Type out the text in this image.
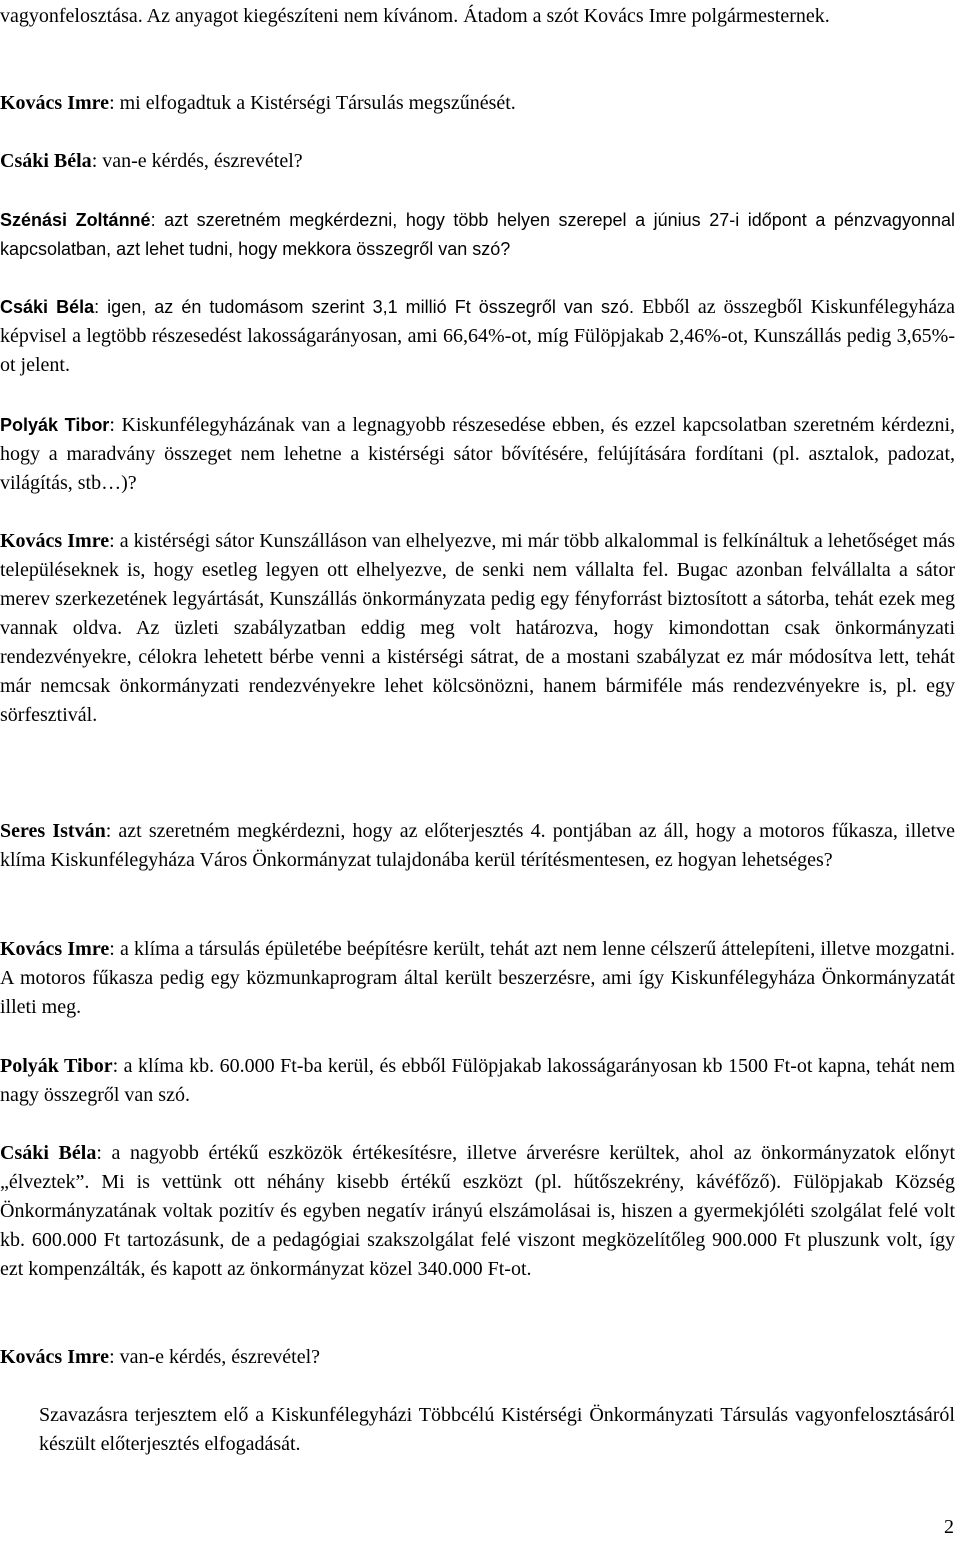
vagyonfelosztása. Az anyagot kiegészíteni nem kívánom. Átadom a szót Kovács Imre polgármesternek.

Kovács Imre: mi elfogadtuk a Kistérségi Társulás megszűnését.

Csáki Béla: van-e kérdés, észrevétel?

Szénási Zoltánné: azt szeretném megkérdezni, hogy több helyen szerepel a június 27-i időpont a pénzvagyonnal kapcsolatban, azt lehet tudni, hogy mekkora összegről van szó?

Csáki Béla: igen, az én tudomásom szerint 3,1 millió Ft összegről van szó. Ebből az összegből Kiskunfélegyháza képvisel a legtöbb részesedést lakosságarányosan, ami 66,64%-ot, míg Fülöpjakab 2,46%-ot, Kunszállás pedig 3,65%-ot jelent.

Polyák Tibor: Kiskunfélegyházának van a legnagyobb részesedése ebben, és ezzel kapcsolatban szeretném kérdezni, hogy a maradvány összeget nem lehetne a kistérségi sátor bővítésére, felújítására fordítani (pl. asztalok, padozat, világítás, stb…)?

Kovács Imre: a kistérségi sátor Kunszálláson van elhelyezve, mi már több alkalommal is felkínáltuk a lehetőséget más településeknek is, hogy esetleg legyen ott elhelyezve, de senki nem vállalta fel. Bugac azonban felvállalta a sátor merev szerkezetének legyártását, Kunszállás önkormányzata pedig egy fényforrást biztosított a sátorba, tehát ezek meg vannak oldva. Az üzleti szabályzatban eddig meg volt határozva, hogy kimondottan csak önkormányzati rendezvényekre, célokra lehetett bérbe venni a kistérségi sátrat, de a mostani szabályzat ez már módosítva lett, tehát már nemcsak önkormányzati rendezvényekre lehet kölcsönözni, hanem bármiféle más rendezvényekre is, pl. egy sörfesztivál.

Seres István: azt szeretném megkérdezni, hogy az előterjesztés 4. pontjában az áll, hogy a motoros fűkasza, illetve klíma Kiskunfélegyháza Város Önkormányzat tulajdonába kerül térítésmentesen, ez hogyan lehetséges?

Kovács Imre: a klíma a társulás épületébe beépítésre került, tehát azt nem lenne célszerű áttelepíteni, illetve mozgatni. A motoros fűkasza pedig egy közmunkaprogram által került beszerzésre, ami így Kiskunfélegyháza Önkormányzatát illeti meg.

Polyák Tibor: a klíma kb. 60.000 Ft-ba kerül, és ebből Fülöpjakab lakosságarányosan kb 1500 Ft-ot kapna, tehát nem nagy összegről van szó.

Csáki Béla: a nagyobb értékű eszközök értékesítésre, illetve árverésre kerültek, ahol az önkormányzatok előnyt „élveztek”. Mi is vettünk ott néhány kisebb értékű eszközt (pl. hűtőszekrény, kávéfőző). Fülöpjakab Község Önkormányzatának voltak pozitív és egyben negatív irányú elszámolásai is, hiszen a gyermekjóléti szolgálat felé volt kb. 600.000 Ft tartozásunk, de a pedagógiai szakszolgálat felé viszont megközelítőleg 900.000 Ft pluszunk volt, így ezt kompenzálták, és kapott az önkormányzat közel 340.000 Ft-ot.

Kovács Imre: van-e kérdés, észrevétel?

Szavazásra terjesztem elő a Kiskunfélegyházi Többcélú Kistérségi Önkormányzati Társulás vagyonfelosztásáról készült előterjesztés elfogadását.

2
